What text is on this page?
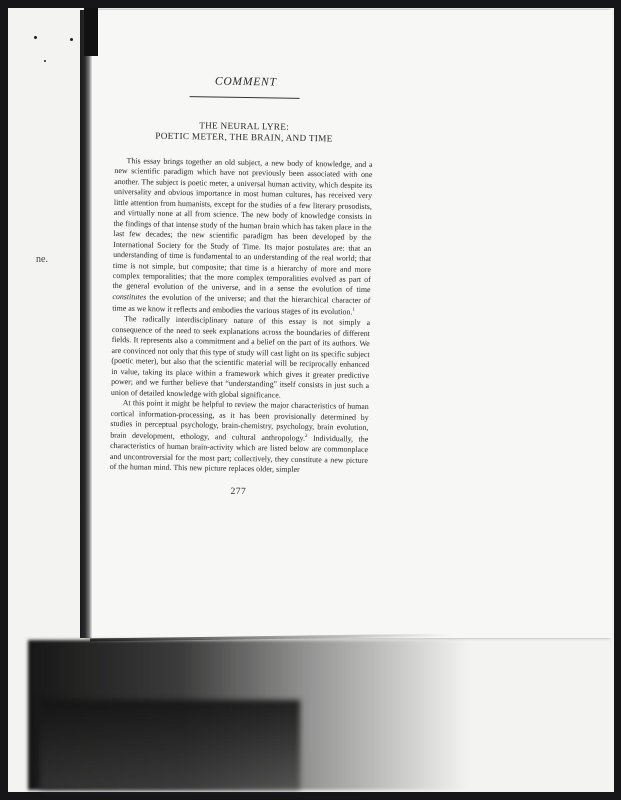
ne.
COMMENT
THE NEURAL LYRE:
POETIC METER, THE BRAIN, AND TIME

This essay brings together an old subject, a new body of knowledge, and a new scientific paradigm which have not previously been associated with one another. The subject is poetic meter, a universal human activity, which despite its universality and obvious importance in most human cultures, has received very little attention from humanists, except for the studies of a few literary prosodists, and virtually none at all from science. The new body of knowledge consists in the findings of that intense study of the human brain which has taken place in the last few decades; the new scientific paradigm has been developed by the International Society for the Study of Time. Its major postulates are: that an understanding of time is fundamental to an understanding of the real world; that time is not simple, but composite; that time is a hierarchy of more and more complex temporalities; that the more complex temporalities evolved as part of the general evolution of the universe, and in a sense the evolution of time constitutes the evolution of the universe; and that the hierarchical character of time as we know it reflects and embodies the various stages of its evolution.$^1$

The radically interdisciplinary nature of this essay is not simply a consequence of the need to seek explanations across the boundaries of different fields. It represents also a commitment and a belief on the part of its authors. We are convinced not only that this type of study will cast light on its specific subject (poetic meter), but also that the scientific material will be reciprocally enhanced in value, taking its place within a framework which gives it greater predictive power; and we further believe that “understanding” itself consists in just such a union of detailed knowledge with global significance.

At this point it might be helpful to review the major characteristics of human cortical information-processing, as it has been provisionally determined by studies in perceptual psychology, brain-chemistry, psychology, brain evolution, brain development, ethology, and cultural anthropology.$^2$ Individually, the characteristics of human brain-activity which are listed below are commonplace and uncontroversial for the most part; collectively, they constitute a new picture of the human mind. This new picture replaces older, simpler

277
